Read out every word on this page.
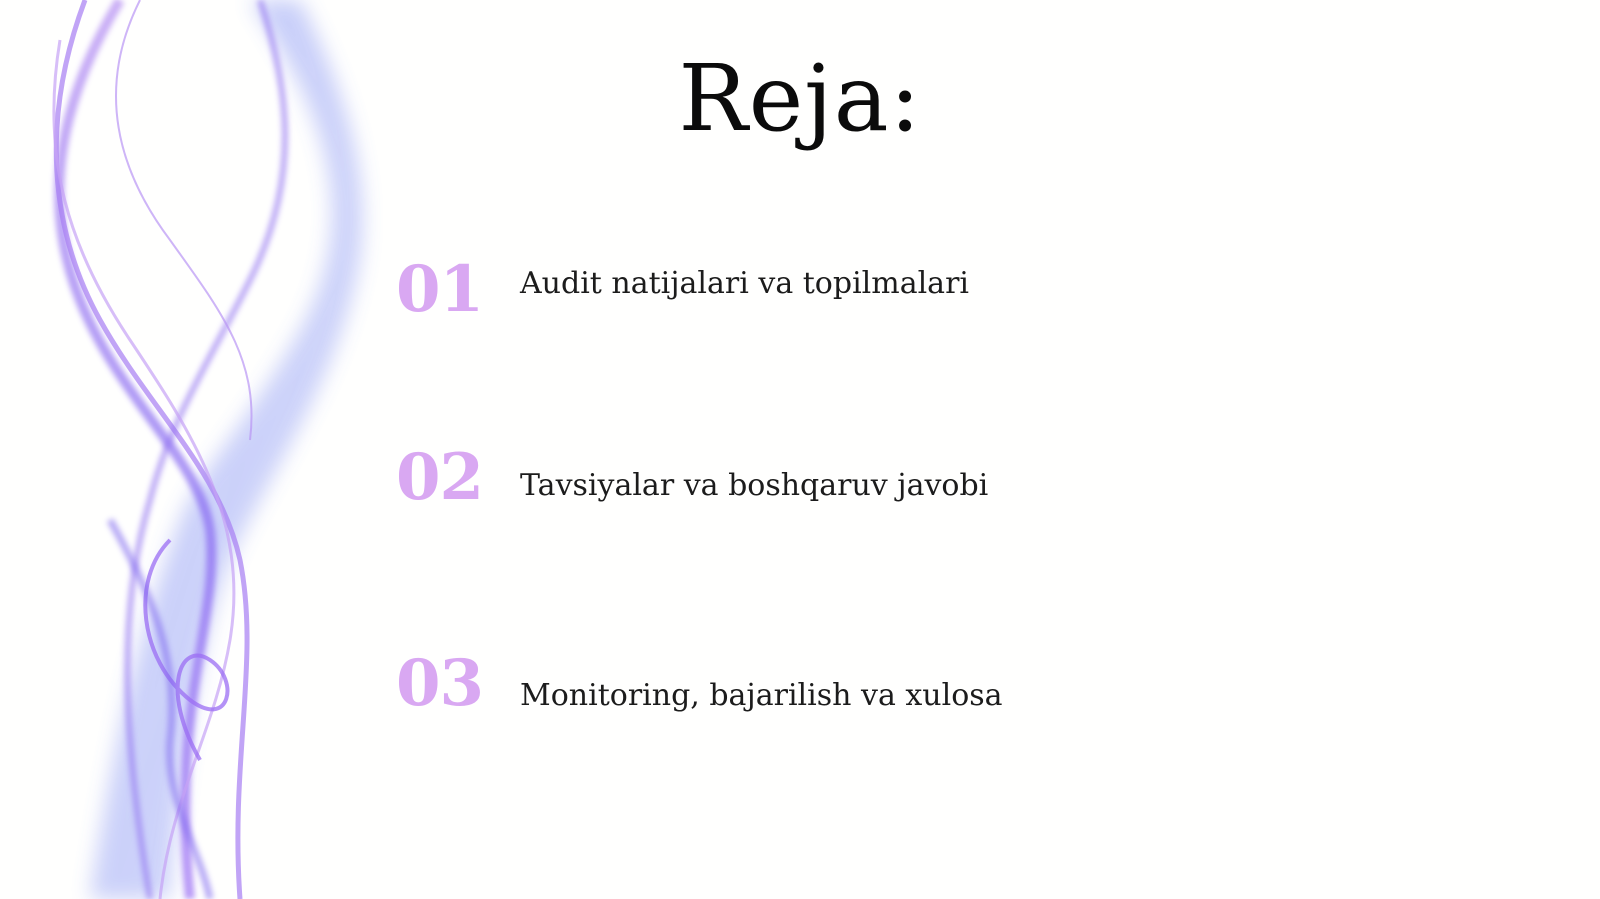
Reja:
01	Audit natijalari va topilmalari
02	Tavsiyalar va boshqaruv javobi
03	Monitoring, bajarilish va xulosa
